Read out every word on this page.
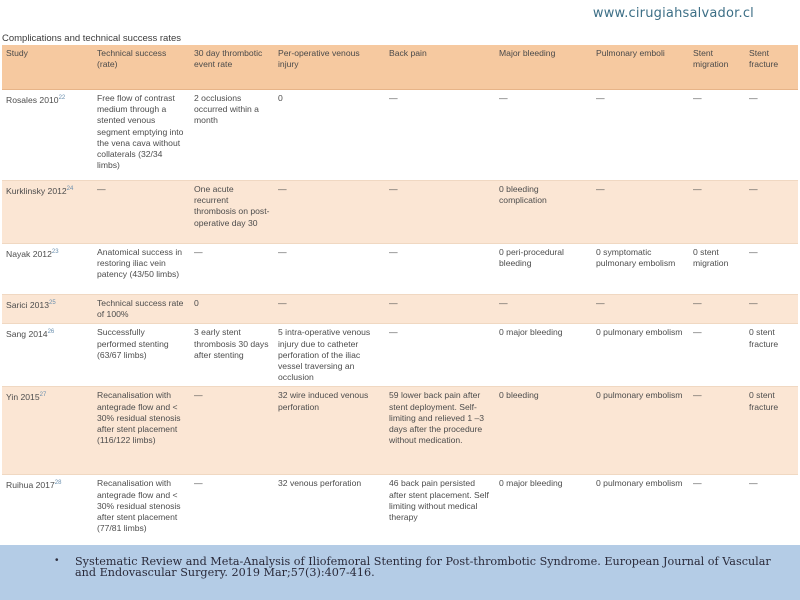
www.cirugiahsalvador.cl
Complications and technical success rates
Study	Technical success (rate)	30 day thrombotic event rate	Per-operative venous injury	Back pain	Major bleeding	Pulmonary emboli	Stent migration	Stent fracture
Rosales 2010$^{22}$	Free flow of contrast medium through a stented venous segment emptying into the vena cava without collaterals (32/34 limbs)	2 occlusions occurred within a month	0	—	—	—	—	—
Kurklinsky 2012$^{24}$	—	One acute recurrent thrombosis on post-operative day 30	—	—	0 bleeding complication	—	—	—
Nayak 2012$^{23}$	Anatomical success in restoring iliac vein patency (43/50 limbs)	—	—	—	0 peri-procedural bleeding	0 symptomatic pulmonary embolism	0 stent migration	—
Sarici 2013$^{25}$	Technical success rate of 100%	0	—	—	—	—	—	—
Sang 2014$^{26}$	Successfully performed stenting (63/67 limbs)	3 early stent thrombosis 30 days after stenting	5 intra-operative venous injury due to catheter perforation of the iliac vessel traversing an occlusion	—	0 major bleeding	0 pulmonary embolism	—	0 stent fracture
Yin 2015$^{27}$	Recanalisation with antegrade flow and < 30% residual stenosis after stent placement (116/122 limbs)	—	32 wire induced venous perforation	59 lower back pain after stent deployment. Self-limiting and relieved 1 –3 days after the procedure without medication.	0 bleeding	0 pulmonary embolism	—	0 stent fracture
Ruihua 2017$^{28}$	Recanalisation with antegrade flow and < 30% residual stenosis after stent placement (77/81 limbs)	—	32 venous perforation	46 back pain persisted after stent placement. Self limiting without medical therapy	0 major bleeding	0 pulmonary embolism	—	—
• Systematic Review and Meta-Analysis of Iliofemoral Stenting for Post-thrombotic Syndrome. European Journal of Vascular and Endovascular Surgery. 2019 Mar;57(3):407-416.
